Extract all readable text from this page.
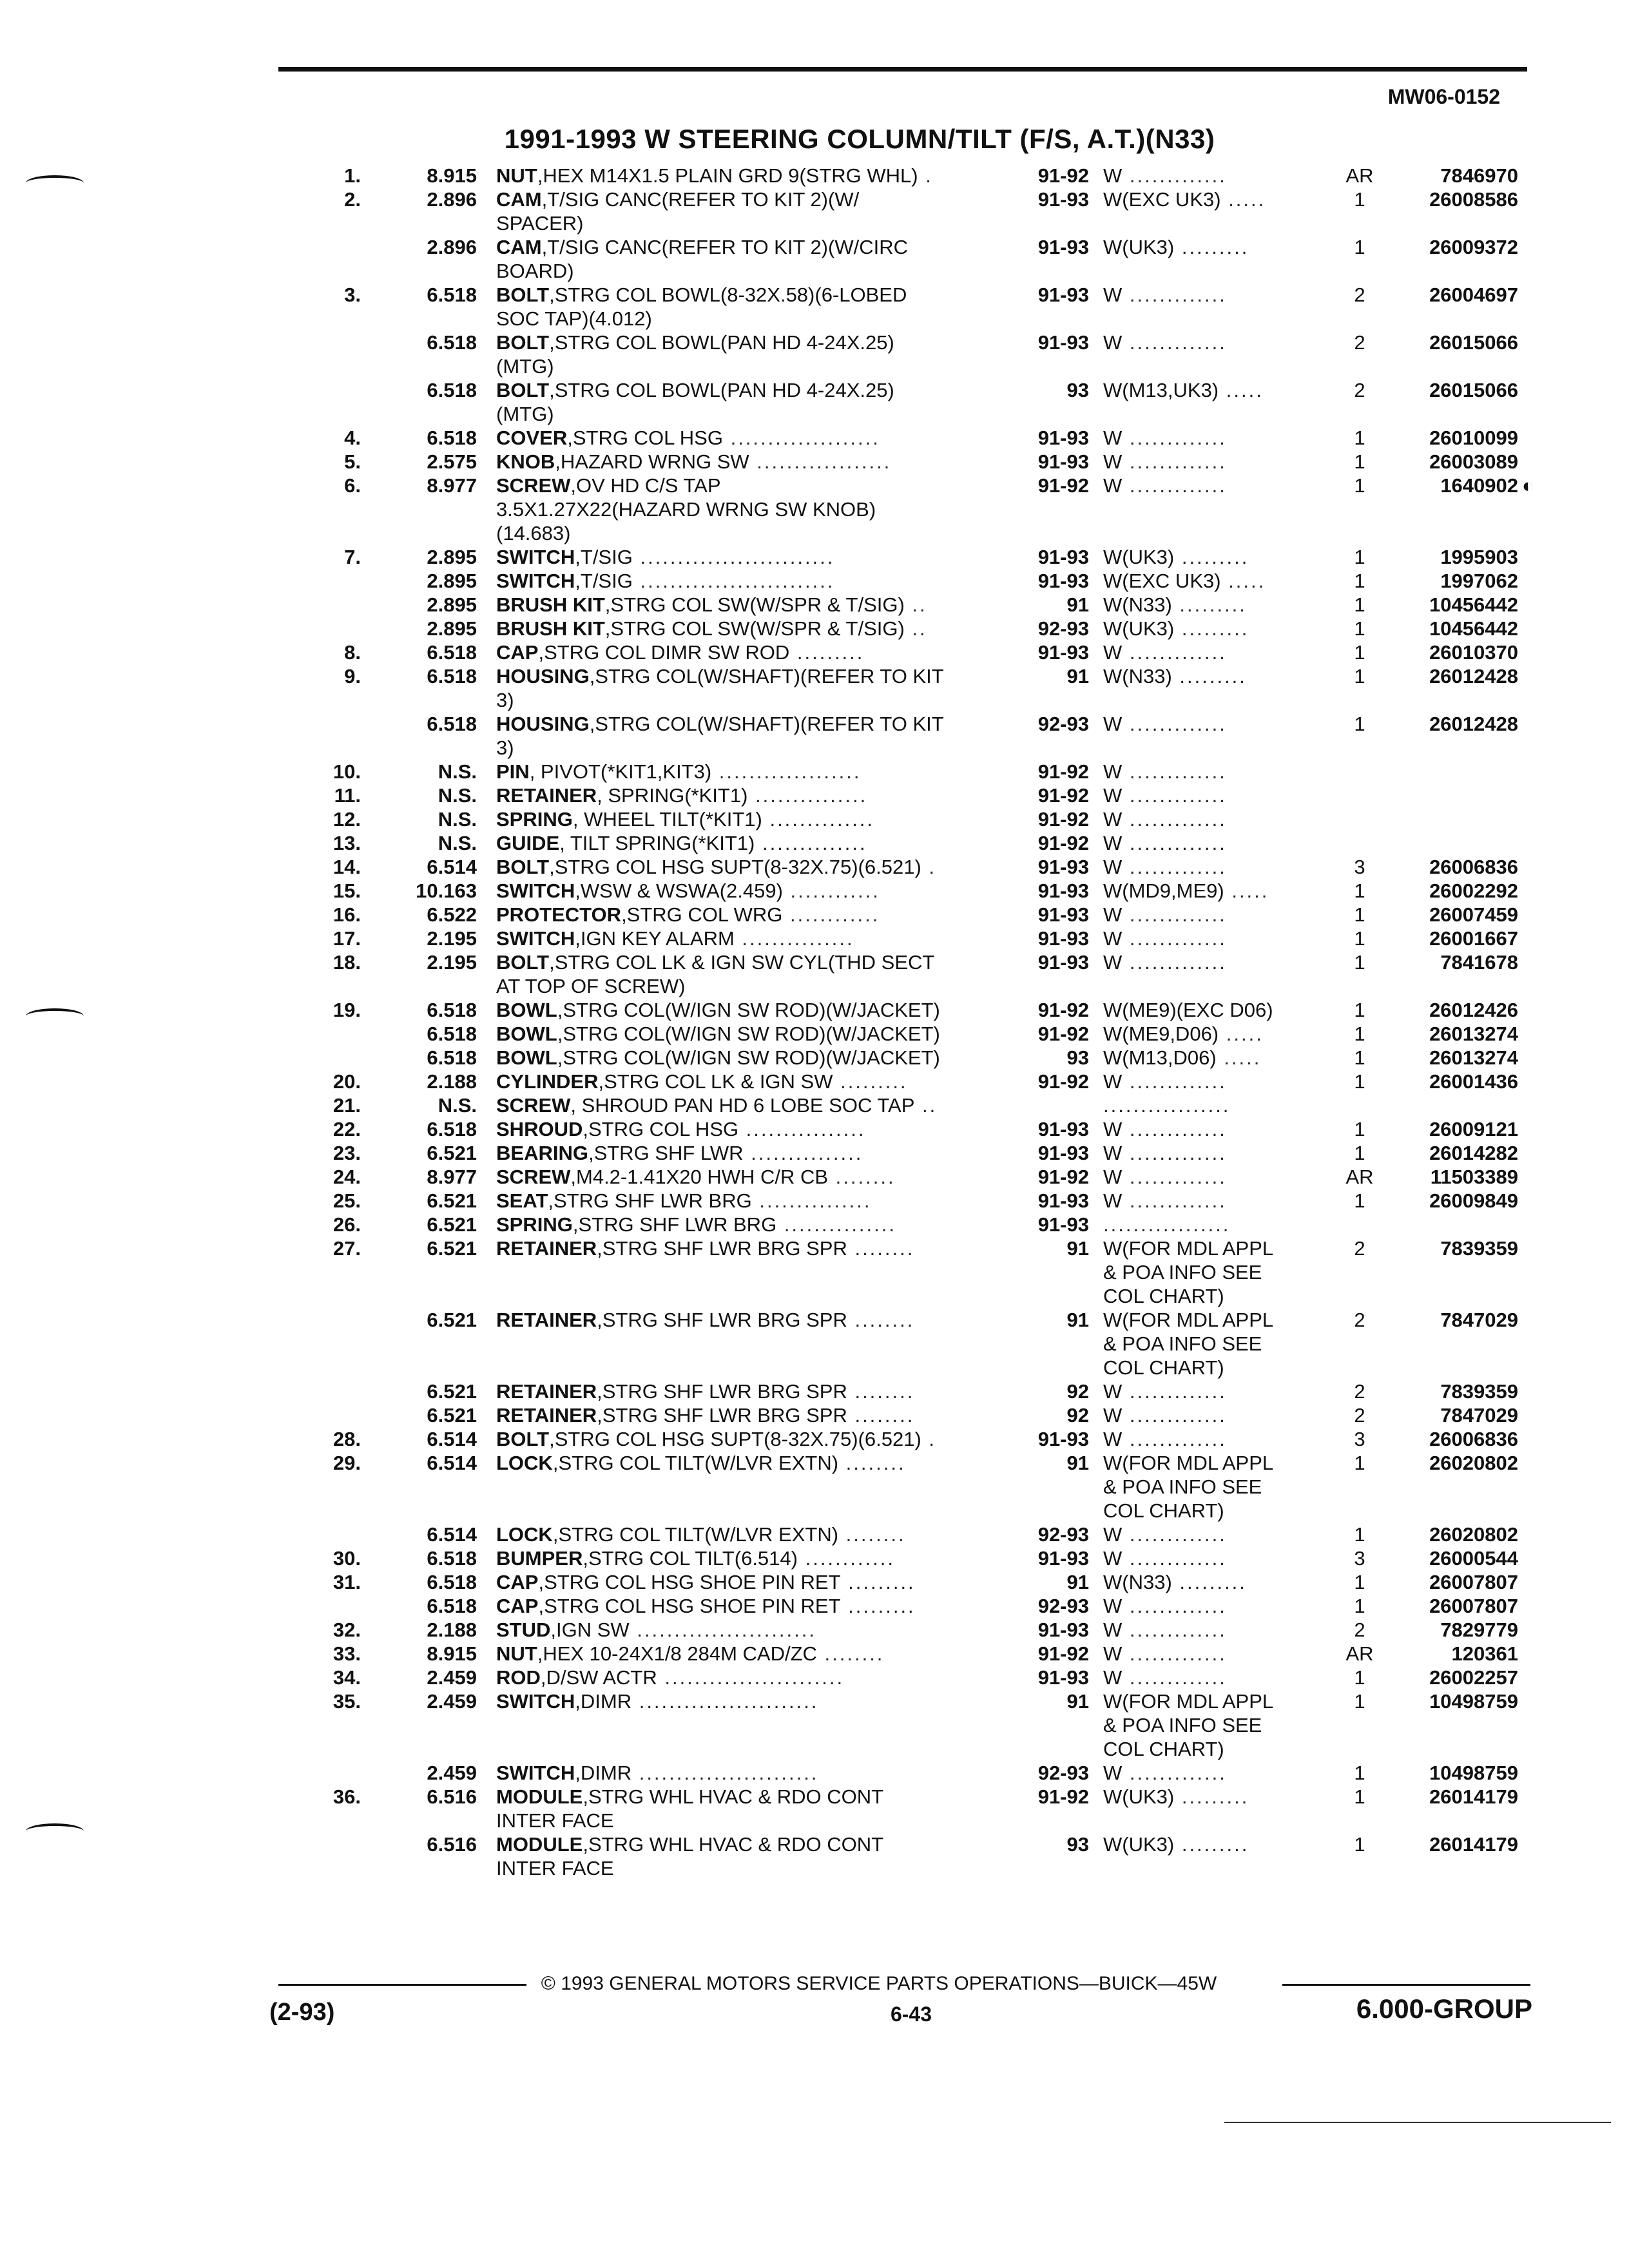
MW06-0152
1991-1993 W STEERING COLUMN/TILT (F/S, A.T.)(N33)
1.	8.915 NUT,HEX M14X1.5 PLAIN GRD 9(STRG WHL) .	91-92 W .............	AR	7846970
2.	2.896 CAM,T/SIG CANC(REFER TO KIT 2)(W/	91-93 W(EXC UK3) .....	1	26008586
SPACER)
2.896 CAM,T/SIG CANC(REFER TO KIT 2)(W/CIRC	91-93 W(UK3) .........	1	26009372
BOARD)
3.	6.518 BOLT,STRG COL BOWL(8-32X.58)(6-LOBED	91-93 W .............	2	26004697
SOC TAP)(4.012)
6.518 BOLT,STRG COL BOWL(PAN HD 4-24X.25)	91-93 W .............	2	26015066
(MTG)
6.518 BOLT,STRG COL BOWL(PAN HD 4-24X.25)	93 W(M13,UK3) .....	2	26015066
(MTG)
4.	6.518 COVER,STRG COL HSG ....................	91-93 W .............	1	26010099
5.	2.575 KNOB,HAZARD WRNG SW ..................	91-93 W .............	1	26003089
6.	8.977 SCREW,OV HD C/S TAP	91-92 W .............	1	1640902 ◐
3.5X1.27X22(HAZARD WRNG SW KNOB)
(14.683)
7.	2.895 SWITCH,T/SIG ..........................	91-93 W(UK3) .........	1	1995903
2.895 SWITCH,T/SIG ..........................	91-93 W(EXC UK3) .....	1	1997062
2.895 BRUSH KIT,STRG COL SW(W/SPR & T/SIG) ..	91 W(N33) .........	1	10456442
2.895 BRUSH KIT,STRG COL SW(W/SPR & T/SIG) ..	92-93 W(UK3) .........	1	10456442
8.	6.518 CAP,STRG COL DIMR SW ROD .........	91-93 W .............	1	26010370
9.	6.518 HOUSING,STRG COL(W/SHAFT)(REFER TO KIT	91 W(N33) .........	1	26012428
3)
6.518 HOUSING,STRG COL(W/SHAFT)(REFER TO KIT	92-93 W .............	1	26012428
3)
10.	N.S. PIN, PIVOT(*KIT1,KIT3) ...................	91-92 W .............
11.	N.S. RETAINER, SPRING(*KIT1) ...............	91-92 W .............
12.	N.S. SPRING, WHEEL TILT(*KIT1) ..............	91-92 W .............
13.	N.S. GUIDE, TILT SPRING(*KIT1) ..............	91-92 W .............
14.	6.514 BOLT,STRG COL HSG SUPT(8-32X.75)(6.521) .	91-93 W .............	3	26006836
15.	10.163 SWITCH,WSW & WSWA(2.459) ............	91-93 W(MD9,ME9) .....	1	26002292
16.	6.522 PROTECTOR,STRG COL WRG ............	91-93 W .............	1	26007459
17.	2.195 SWITCH,IGN KEY ALARM ...............	91-93 W .............	1	26001667
18.	2.195 BOLT,STRG COL LK & IGN SW CYL(THD SECT	91-93 W .............	1	7841678
AT TOP OF SCREW)
19.	6.518 BOWL,STRG COL(W/IGN SW ROD)(W/JACKET)	91-92 W(ME9)(EXC D06)	1	26012426
6.518 BOWL,STRG COL(W/IGN SW ROD)(W/JACKET)	91-92 W(ME9,D06) .....	1	26013274
6.518 BOWL,STRG COL(W/IGN SW ROD)(W/JACKET)	93 W(M13,D06) .....	1	26013274
20.	2.188 CYLINDER,STRG COL LK & IGN SW .........	91-92 W .............	1	26001436
21.	N.S. SCREW, SHROUD PAN HD 6 LOBE SOC TAP ..	.................
22.	6.518 SHROUD,STRG COL HSG ................	91-93 W .............	1	26009121
23.	6.521 BEARING,STRG SHF LWR ...............	91-93 W .............	1	26014282
24.	8.977 SCREW,M4.2-1.41X20 HWH C/R CB ........	91-92 W .............	AR	11503389
25.	6.521 SEAT,STRG SHF LWR BRG ...............	91-93 W .............	1	26009849
26.	6.521 SPRING,STRG SHF LWR BRG ...............	91-93 .................
27.	6.521 RETAINER,STRG SHF LWR BRG SPR ........	91 W(FOR MDL APPL	2	7839359
& POA INFO SEE
COL CHART)
6.521 RETAINER,STRG SHF LWR BRG SPR ........	91 W(FOR MDL APPL	2	7847029
& POA INFO SEE
COL CHART)
6.521 RETAINER,STRG SHF LWR BRG SPR ........	92 W .............	2	7839359
6.521 RETAINER,STRG SHF LWR BRG SPR ........	92 W .............	2	7847029
28.	6.514 BOLT,STRG COL HSG SUPT(8-32X.75)(6.521) .	91-93 W .............	3	26006836
29.	6.514 LOCK,STRG COL TILT(W/LVR EXTN) ........	91 W(FOR MDL APPL	1	26020802
& POA INFO SEE
COL CHART)
6.514 LOCK,STRG COL TILT(W/LVR EXTN) ........	92-93 W .............	1	26020802
30.	6.518 BUMPER,STRG COL TILT(6.514) ............	91-93 W .............	3	26000544
31.	6.518 CAP,STRG COL HSG SHOE PIN RET .........	91 W(N33) .........	1	26007807
6.518 CAP,STRG COL HSG SHOE PIN RET .........	92-93 W .............	1	26007807
32.	2.188 STUD,IGN SW ........................	91-93 W .............	2	7829779
33.	8.915 NUT,HEX 10-24X1/8 284M CAD/ZC ........	91-92 W .............	AR	120361
34.	2.459 ROD,D/SW ACTR ........................	91-93 W .............	1	26002257
35.	2.459 SWITCH,DIMR ........................	91 W(FOR MDL APPL	1	10498759
& POA INFO SEE
COL CHART)
2.459 SWITCH,DIMR ........................	92-93 W .............	1	10498759
36.	6.516 MODULE,STRG WHL HVAC & RDO CONT	91-92 W(UK3) .........	1	26014179
INTER FACE
6.516 MODULE,STRG WHL HVAC & RDO CONT	93 W(UK3) .........	1	26014179
INTER FACE
© 1993 GENERAL MOTORS SERVICE PARTS OPERATIONS—BUICK—45W
(2-93)	6-43	6.000-GROUP
